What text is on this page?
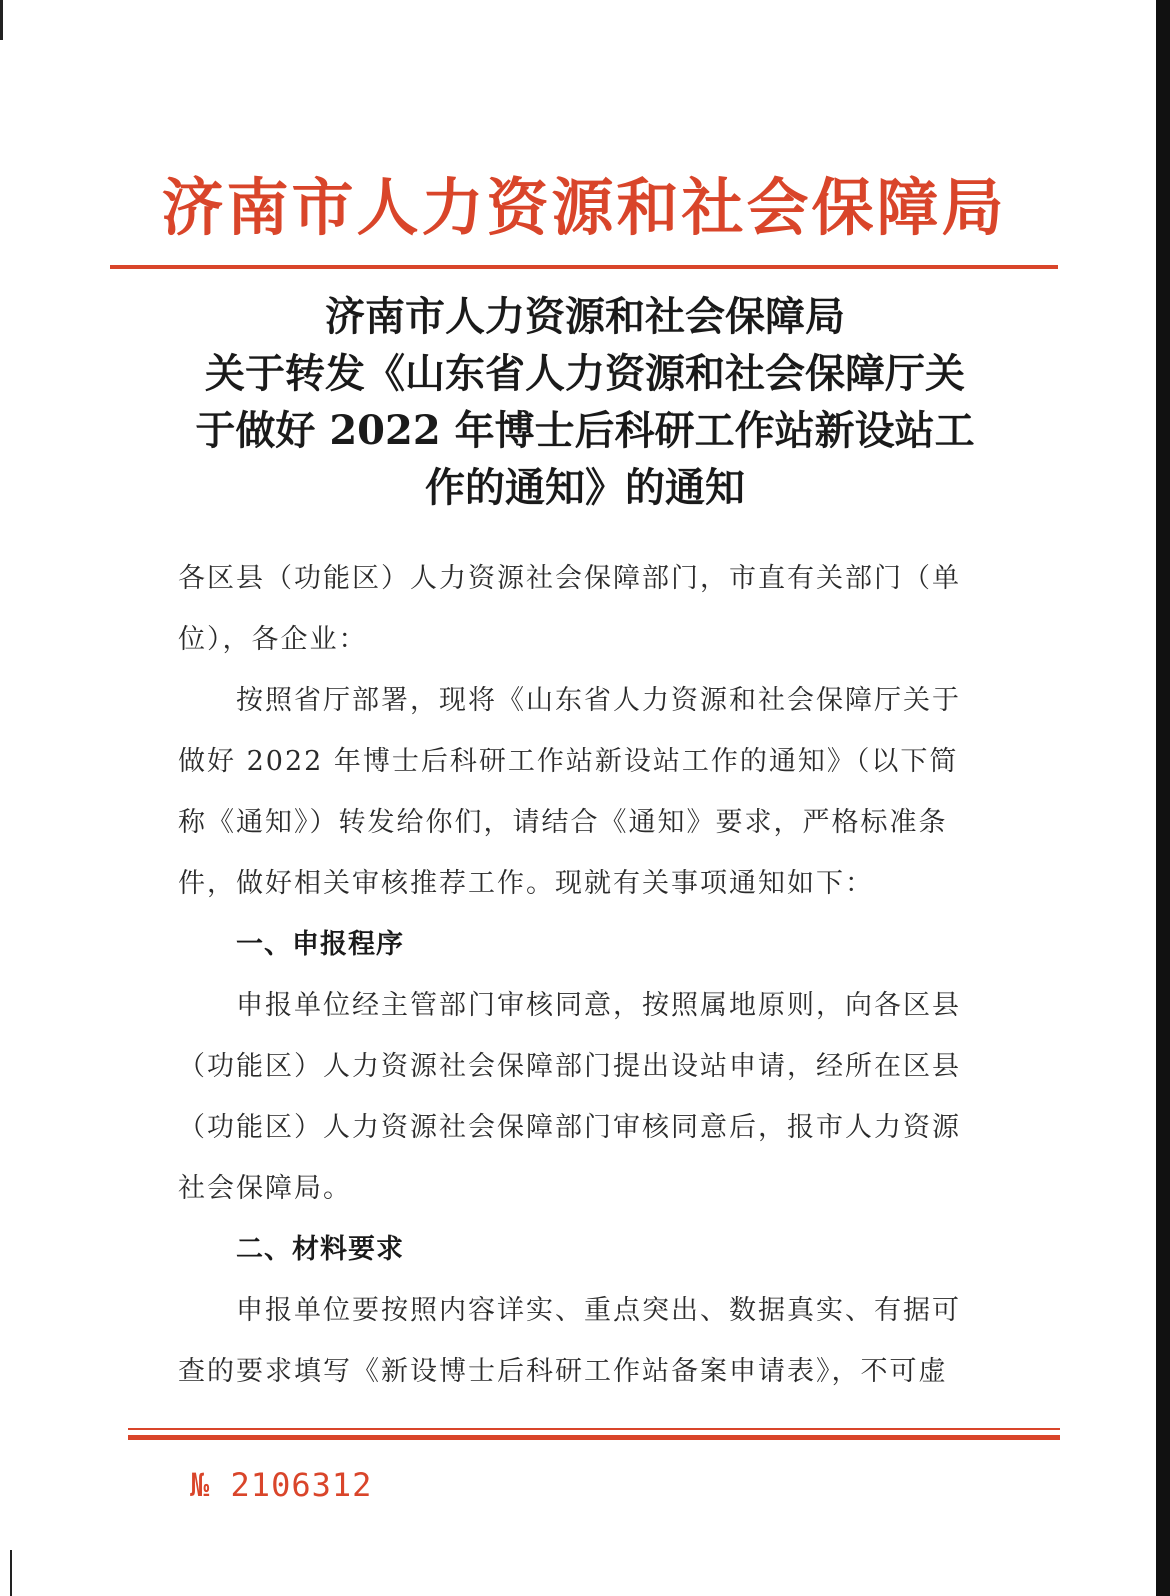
济南市人力资源和社会保障局
济南市人力资源和社会保障局
关于转发《山东省人力资源和社会保障厅关
于做好 2022 年博士后科研工作站新设站工
作的通知》的通知
各区县（功能区）人力资源社会保障部门，市直有关部门（单
位），各企业：
按照省厅部署，现将《山东省人力资源和社会保障厅关于
做好 2022 年博士后科研工作站新设站工作的通知》（以下简
称《通知》）转发给你们，请结合《通知》要求，严格标准条
件，做好相关审核推荐工作。现就有关事项通知如下：
一、申报程序
申报单位经主管部门审核同意，按照属地原则，向各区县
（功能区）人力资源社会保障部门提出设站申请，经所在区县
（功能区）人力资源社会保障部门审核同意后，报市人力资源
社会保障局。
二、材料要求
申报单位要按照内容详实、重点突出、数据真实、有据可
查的要求填写《新设博士后科研工作站备案申请表》，不可虚
№ 2106312
